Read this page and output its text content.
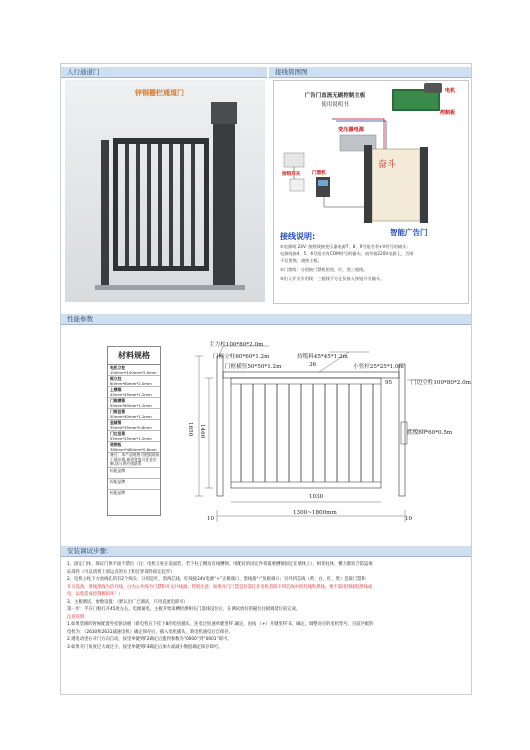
人行通道门	接线简图图
锌钢栅栏通道门	广告门直流无刷控制主板
使用说明书
电机
控制板
奋斗
变压器电源
按钮开关	门禁机
智能广告门
接线说明:
①电源线 24V: 按照线接变压器电源7、8、9号组名有+V符号的输头;
电源线接4、5、6号组名有COM符号的输头；请勿接220V电源上，否则
不仅要换、烧毁主板。
②门禁线：分别接门禁机的黑、红、黑三根线。
③出入开关专用线：三根线不分正负接入按钮开关输头。
性能参数
材料规格
电机立柱
100mm*100mm*2.0mm
框立柱
60mm*60mm*2.0mm
上横框
45mm*45mm*1.2mm
门框横管
50mm*60mm*1.2mm
门框竖管
50mm*40mm*1.2mm
竖辅管
35mm*35mm*0.6mm
门边竖管
25mm*25mm*1.2mm
底钢板
380mm*480mm*0.6mm
备注：本产品规格可根据现场工地环境,通道宽度可任意定制,请与供应商联系
标配品牌
标配品牌
标配品牌
主力柱100*80*2.0m
门框立柱60*60*1.2m	持缆料45*45*1.2m
门框横竖50*50*1.2m	36	小竖杆25*25*1.0m
门边立柱100*80*2.0m
95
底板60*60*0.5m
1650 1460
1030
1300~1800mm
10	10
安装调试步骤：

1、固定门体，保证门体平面不错位（注：电机立柱在前面装，若下柱子侧边有线槽钢，用配好的固定件将最底槽钢固定在墙体上），相邻柱体、横力都切合防盗保

证部件（可以请将上部运点的方上和过穿部件稳定起步）

2、电机立柱下方放线孔的有2个线头：分别是红、黑两芯线，红线接24V电源“+”正极端口，黑线接“-”负极端口；另外四芯线（黄、白、红、黑）是接门禁和

开关设备，黄线黑线为信号线，白为公共线为门禁和开关共线端；特别注意：如果开门门禁是有需打开电机者除下四芯线中的红线和黑线，要不需用到线和黑线成

电，以免造成控制板损坏！）

3、主板调试，参数设置：（默认出厂已调试，只用直流电即可）

第一步：手在门框打开45度左右，电源通电，主板开始读槽检测相关门落线设位后，在测试放好的磁位往板调延位前完成。

注意说明：

1.如果装修的时候配置外挂驱动板（新电机在下挂下8的电机插头，连电过恒速单键里FF,确定，再按 （+）开键里FF E，确定，调整对应的电机型号，目前匹配的

电机为：（2630和2631减速电机）确定保存后，插入电机插头，新电机通电后自保存。

2.遇电动里右开门方向自动，按里单键到F2确定后拨到参数为“0000”到“0001”即可。

3.如果开门角度过大或过小，按里单键到F4确定后加大或减小数值确定保存即可。
